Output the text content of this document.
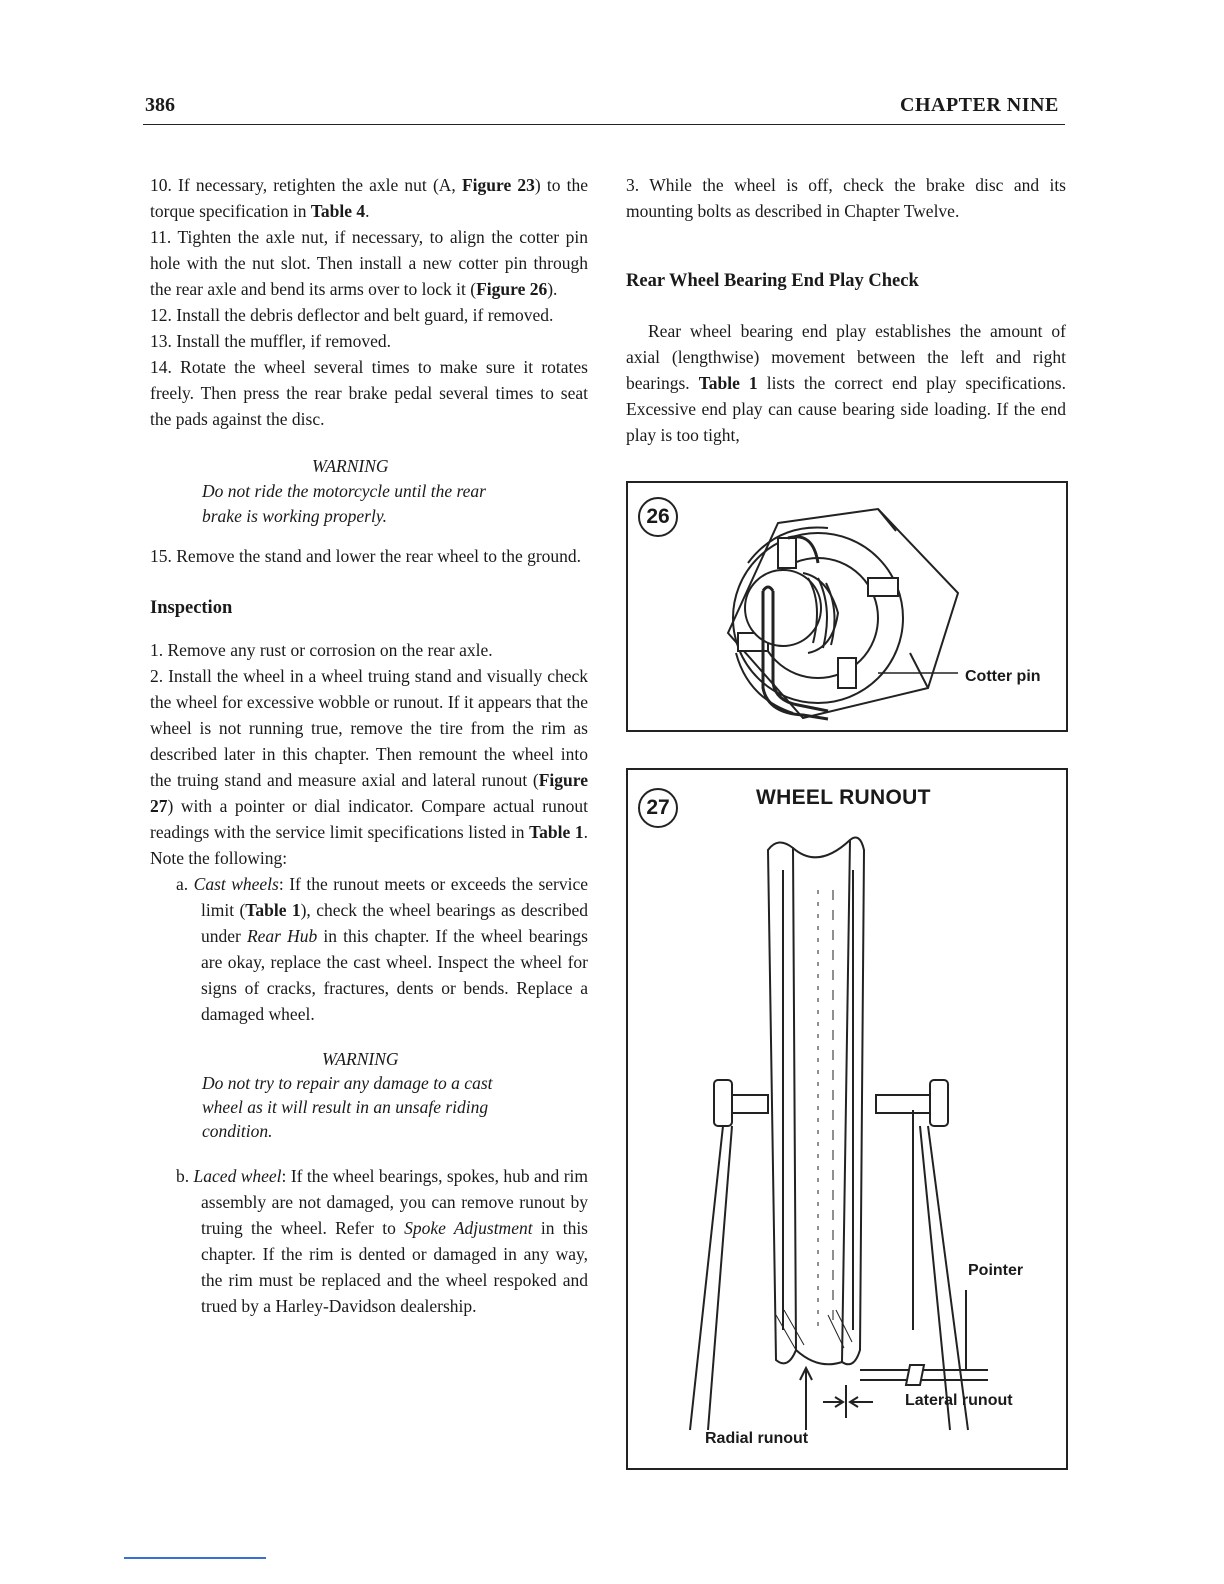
386	CHAPTER NINE

10. If necessary, retighten the axle nut (A, Figure 23) to the torque specification in Table 4.

11. Tighten the axle nut, if necessary, to align the cotter pin hole with the nut slot. Then install a new cotter pin through the rear axle and bend its arms over to lock it (Figure 26).

12. Install the debris deflector and belt guard, if removed.

13. Install the muffler, if removed.

14. Rotate the wheel several times to make sure it rotates freely. Then press the rear brake pedal several times to seat the pads against the disc.

WARNING
Do not ride the motorcycle until the rear
brake is working properly.

15. Remove the stand and lower the rear wheel to the ground.

Inspection

1. Remove any rust or corrosion on the rear axle.

2. Install the wheel in a wheel truing stand and visually check the wheel for excessive wobble or runout. If it appears that the wheel is not running true, remove the tire from the rim as described later in this chapter. Then remount the wheel into the truing stand and measure axial and lateral runout (Figure 27) with a pointer or dial indicator. Compare actual runout readings with the service limit specifications listed in Table 1. Note the following:

a. Cast wheels: If the runout meets or exceeds the service limit (Table 1), check the wheel bearings as described under Rear Hub in this chapter. If the wheel bearings are okay, replace the cast wheel. Inspect the wheel for signs of cracks, fractures, dents or bends. Replace a damaged wheel.

WARNING
Do not try to repair any damage to a cast
wheel as it will result in an unsafe riding
condition.

b. Laced wheel: If the wheel bearings, spokes, hub and rim assembly are not damaged, you can remove runout by truing the wheel. Refer to Spoke Adjustment in this chapter. If the rim is dented or damaged in any way, the rim must be replaced and the wheel respoked and trued by a Harley-Davidson dealership.

3. While the wheel is off, check the brake disc and its mounting bolts as described in Chapter Twelve.

Rear Wheel Bearing End Play Check

Rear wheel bearing end play establishes the amount of axial (lengthwise) movement between the left and right bearings. Table 1 lists the correct end play specifications. Excessive end play can cause bearing side loading. If the end play is too tight,

26
Cotter pin
27	WHEEL RUNOUT
Pointer
Lateral runout
Radial runout
